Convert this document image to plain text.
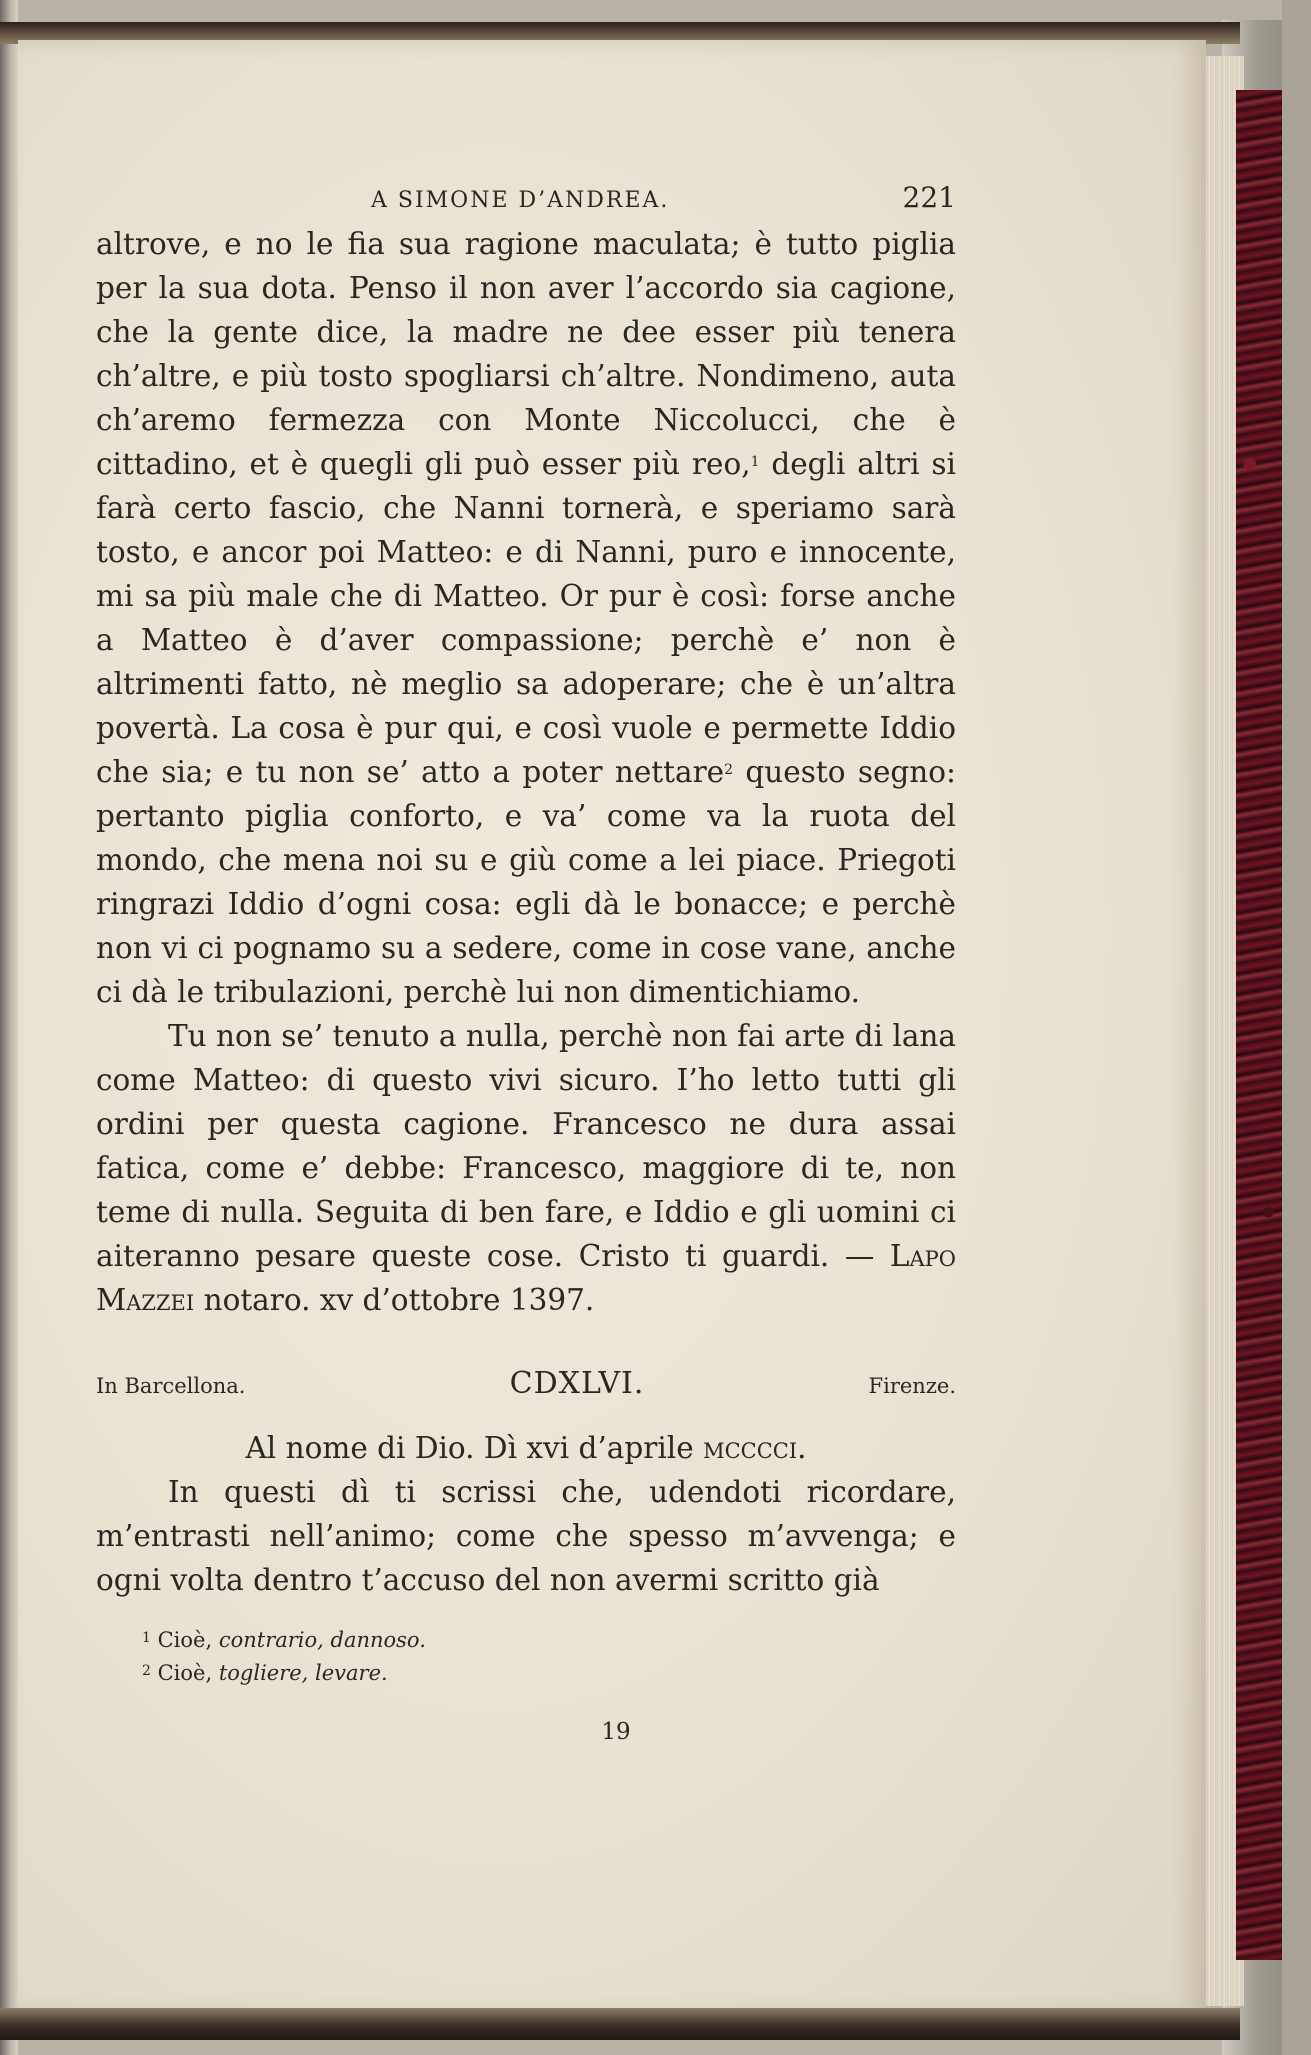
A SIMONE D’ANDREA.	221

altrove, e no le fia sua ragione maculata; è tutto piglia per la sua dota. Penso il non aver l’accordo sia cagione, che la gente dice, la madre ne dee esser più tenera ch’altre, e più tosto spogliarsi ch’altre. Nondimeno, auta ch’aremo fermezza con Monte Niccolucci, che è cittadino, et è quegli gli può esser più reo,$^1$ degli altri si farà certo fascio, che Nanni tornerà, e speriamo sarà tosto, e ancor poi Matteo: e di Nanni, puro e innocente, mi sa più male che di Matteo. Or pur è così: forse anche a Matteo è d’aver compassione; perchè e’ non è altrimenti fatto, nè meglio sa adoperare; che è un’altra povertà. La cosa è pur qui, e così vuole e permette Iddio che sia; e tu non se’ atto a poter nettare$^2$ questo segno: pertanto piglia conforto, e va’ come va la ruota del mondo, che mena noi su e giù come a lei piace. Priegoti ringrazi Iddio d’ogni cosa: egli dà le bonacce; e perchè non vi ci pognamo su a sedere, come in cose vane, anche ci dà le tribulazioni, perchè lui non dimentichiamo.

Tu non se’ tenuto a nulla, perchè non fai arte di lana come Matteo: di questo vivi sicuro. I’ho letto tutti gli ordini per questa cagione. Francesco ne dura assai fatica, come e’ debbe: Francesco, maggiore di te, non teme di nulla. Seguita di ben fare, e Iddio e gli uomini ci aiteranno pesare queste cose. Cristo ti guardi. — Lapo Mazzei notaro. xv d’ottobre 1397.

In Barcellona.	CDXLVI.	Firenze.

Al nome di Dio. Dì xvi d’aprile mccccі.

In questi dì ti scrissi che, udendoti ricordare, m’entrasti nell’animo; come che spesso m’avvenga; e ogni volta dentro t’accuso del non avermi scritto già

$^1$ Cioè, contrario, dannoso.
$^2$ Cioè, togliere, levare.
19
